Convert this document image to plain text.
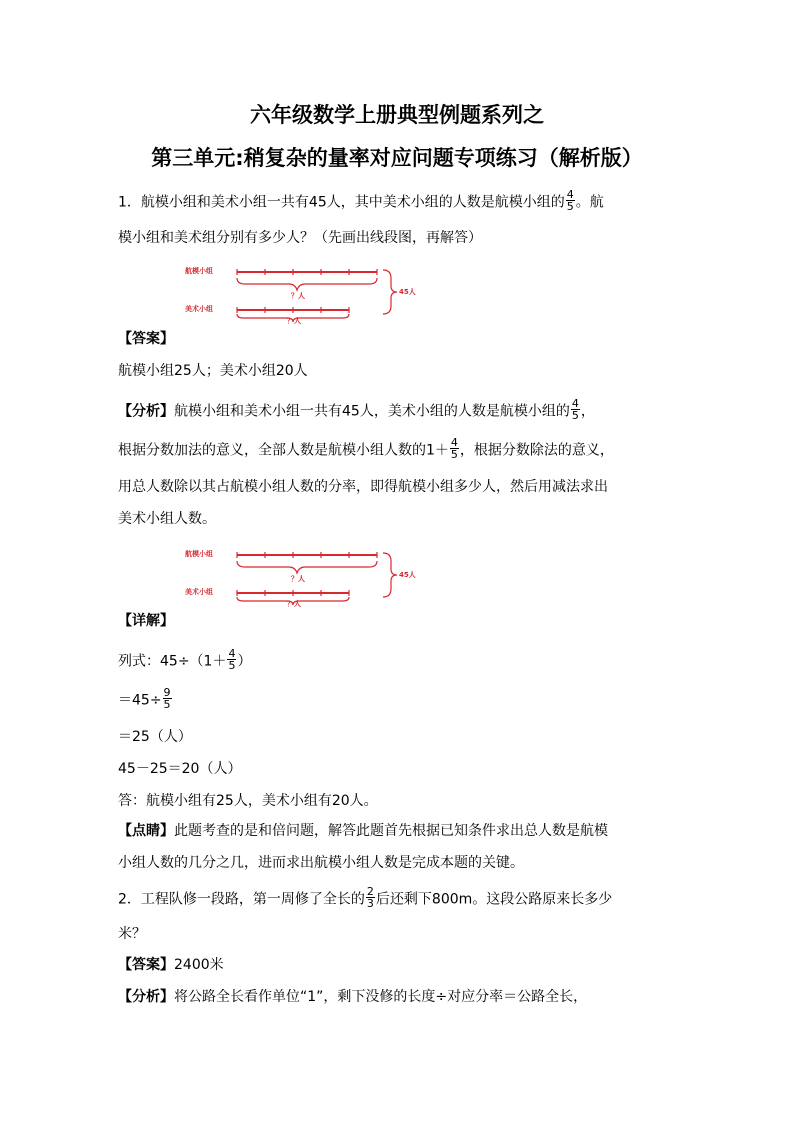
六年级数学上册典型例题系列之
第三单元:稍复杂的量率对应问题专项练习（解析版）
1．航模小组和美术小组一共有45人，其中美术小组的人数是航模小组的 $\frac{4}{5}$ 。航
模小组和美术组分别有多少人？（先画出线段图，再解答）
航模小组
？人
美术小组
？人
45人
【答案】
航模小组25人；美术小组20人
【分析】航模小组和美术小组一共有45人，美术小组的人数是航模小组的 $\frac{4}{5}$ ，
根据分数加法的意义，全部人数是航模小组人数的$1+ \frac{4}{5}$ ，根据分数除法的意义，
用总人数除以其占航模小组人数的分率，即得航模小组多少人，然后用减法求出
美术小组人数。
航模小组
？人
美术小组
？人
45人
【详解】
列式：$45\div(1+ \frac{4}{5}$ ）
$=45\div \frac{9}{5}$
＝25（人）
45－25＝20（人）
答：航模小组有25人，美术小组有20人。
【点睛】此题考查的是和倍问题，解答此题首先根据已知条件求出总人数是航模
小组人数的几分之几，进而求出航模小组人数是完成本题的关键。
2．工程队修一段路，第一周修了全长的 $\frac{2}{3}$ 后还剩下800m。这段公路原来长多少
米？
【答案】2400米
【分析】将公路全长看作单位“1”，剩下没修的长度÷对应分率＝公路全长，
